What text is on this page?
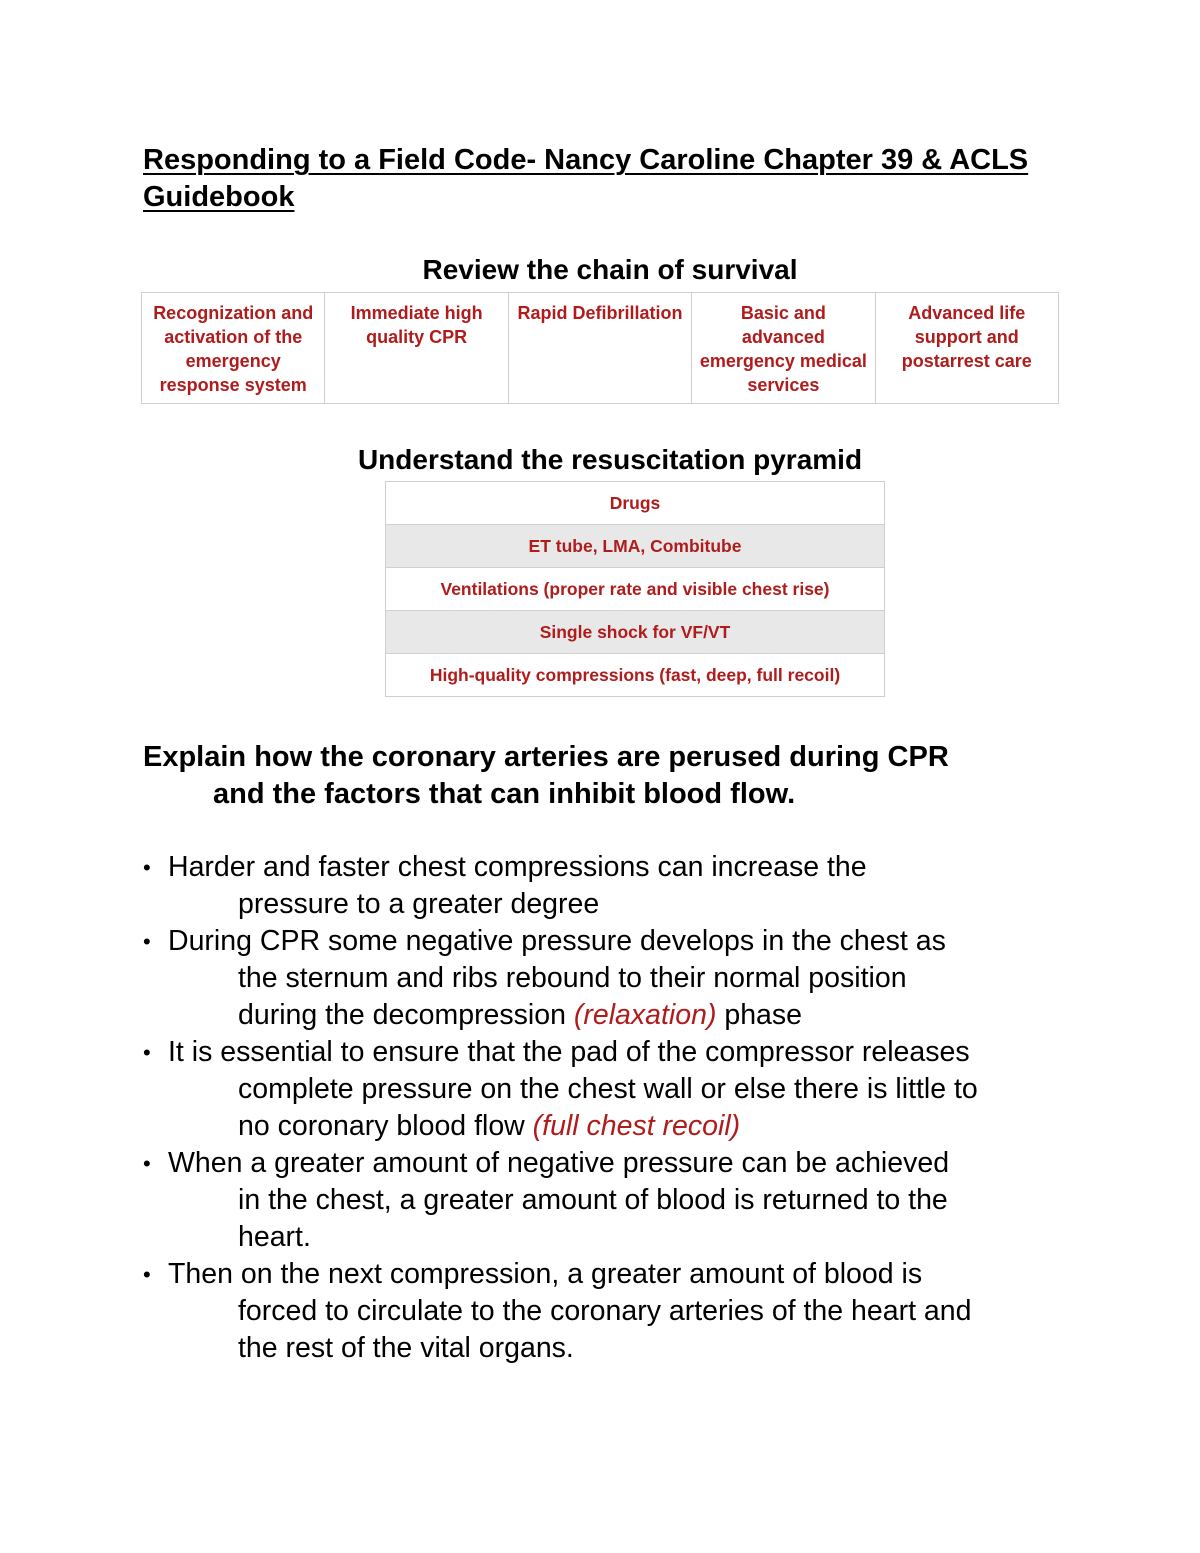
Responding to a Field Code- Nancy Caroline Chapter 39 & ACLS Guidebook
Review the chain of survival
Recognization and activation of the emergency response system	Immediate high quality CPR	Rapid Defibrillation	Basic and advanced emergency medical services	Advanced life support and postarrest care
Understand the resuscitation pyramid
Drugs
ET tube, LMA, Combitube
Ventilations (proper rate and visible chest rise)
Single shock for VF/VT
High-quality compressions (fast, deep, full recoil)
Explain how the coronary arteries are perused during CPR
and the factors that can inhibit blood flow.
• Harder and faster chest compressions can increase the
pressure to a greater degree
• During CPR some negative pressure develops in the chest as
the sternum and ribs rebound to their normal position
during the decompression (relaxation) phase
• It is essential to ensure that the pad of the compressor releases
complete pressure on the chest wall or else there is little to
no coronary blood flow (full chest recoil)
• When a greater amount of negative pressure can be achieved
in the chest, a greater amount of blood is returned to the
heart.
• Then on the next compression, a greater amount of blood is
forced to circulate to the coronary arteries of the heart and
the rest of the vital organs.
